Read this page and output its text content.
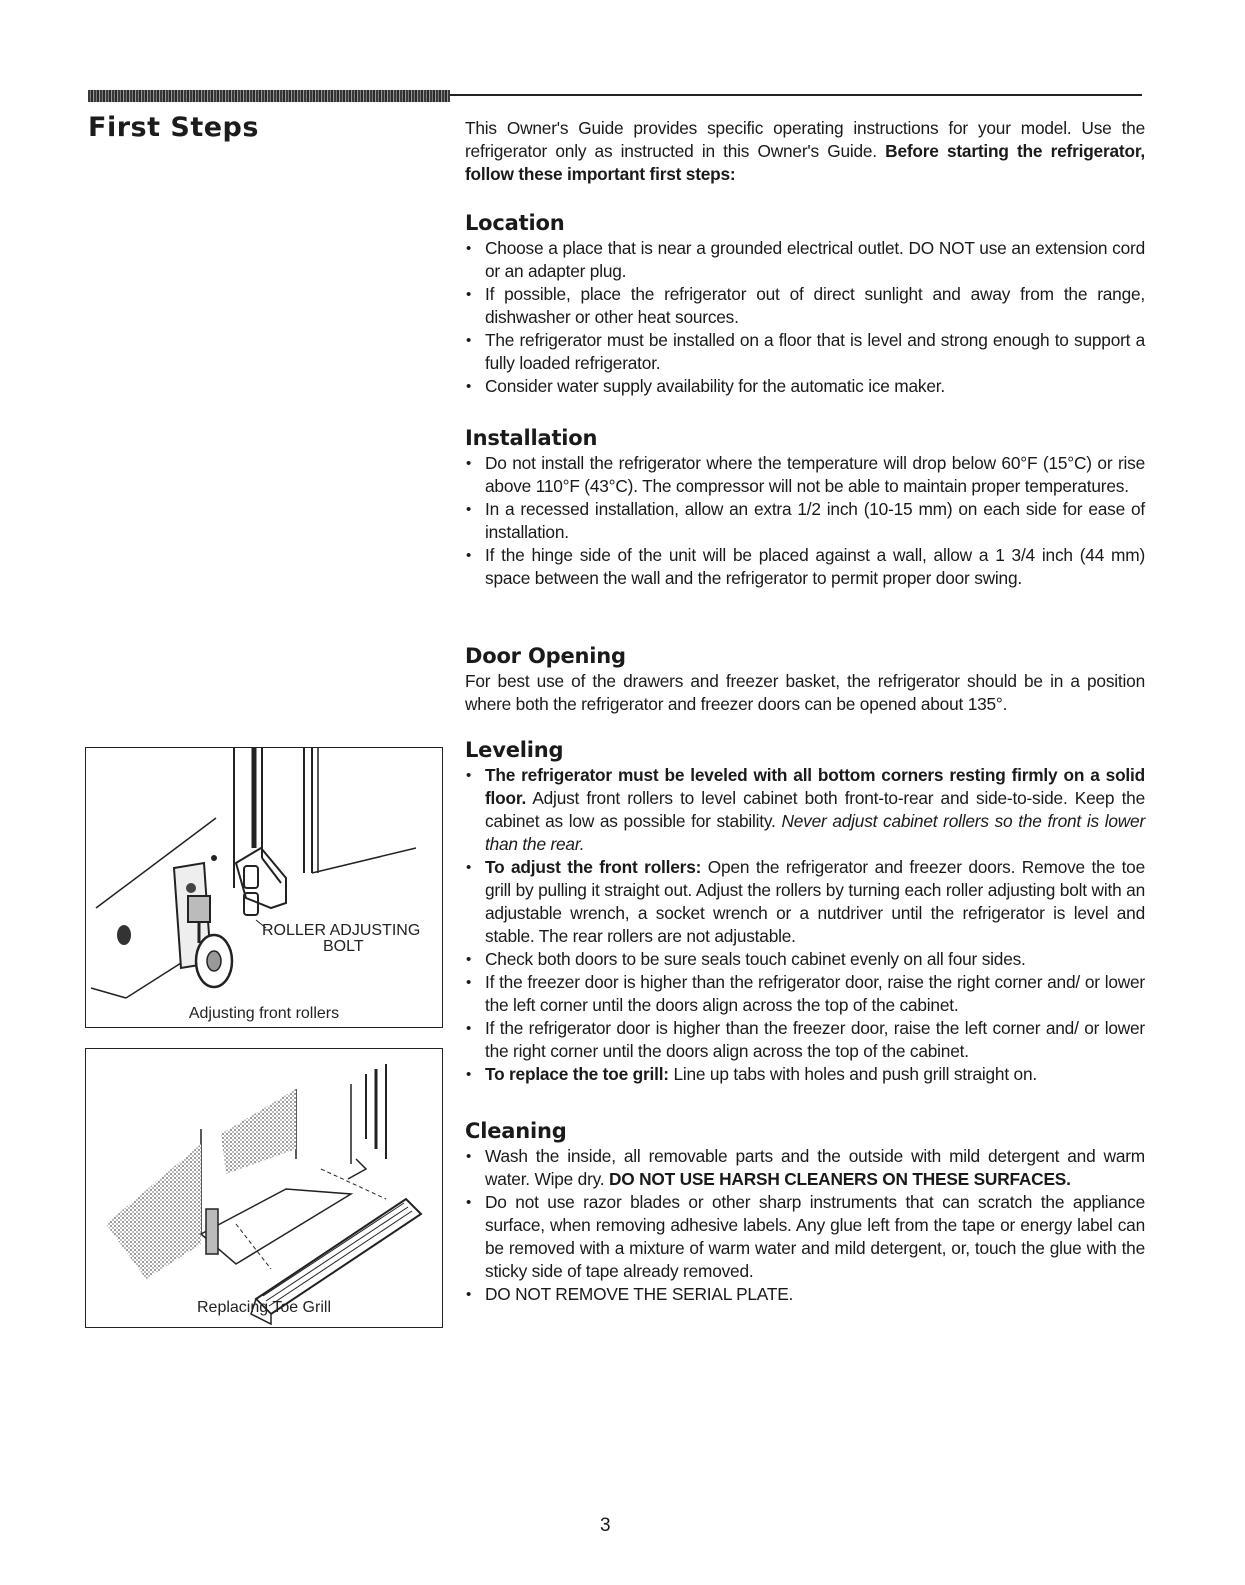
First Steps	This Owner's Guide provides specific operating instructions for your model. Use the refrigerator only as instructed in this Owner's Guide. Before starting the refrigerator, follow these important first steps:

Location
• Choose a place that is near a grounded electrical outlet. DO NOT use an extension cord or an adapter plug.
• If possible, place the refrigerator out of direct sunlight and away from the range, dishwasher or other heat sources.
• The refrigerator must be installed on a floor that is level and strong enough to support a fully loaded refrigerator.
• Consider water supply availability for the automatic ice maker.
Installation
• Do not install the refrigerator where the temperature will drop below 60°F (15°C) or rise above 110°F (43°C). The compressor will not be able to maintain proper temperatures.
• In a recessed installation, allow an extra 1/2 inch (10-15 mm) on each side for ease of installation.
• If the hinge side of the unit will be placed against a wall, allow a 1 3/4 inch (44 mm) space between the wall and the refrigerator to permit proper door swing.
Door Opening

For best use of the drawers and freezer basket, the refrigerator should be in a position where both the refrigerator and freezer doors can be opened about 135°.

Leveling
• The refrigerator must be leveled with all bottom corners resting firmly on a solid floor. Adjust front rollers to level cabinet both front-to-rear and side-to-side. Keep the cabinet as low as possible for stability. Never adjust cabinet rollers so the front is lower than the rear.
• To adjust the front rollers: Open the refrigerator and freezer doors. Remove the toe grill by pulling it straight out. Adjust the rollers by turning each roller adjusting bolt with an adjustable wrench, a socket wrench or a nutdriver until the refrigerator is level and stable. The rear rollers are not adjustable.
• Check both doors to be sure seals touch cabinet evenly on all four sides.
• If the freezer door is higher than the refrigerator door, raise the right corner and/ or lower the left corner until the doors align across the top of the cabinet.
• If the refrigerator door is higher than the freezer door, raise the left corner and/ or lower the right corner until the doors align across the top of the cabinet.
• To replace the toe grill: Line up tabs with holes and push grill straight on.
Cleaning
• Wash the inside, all removable parts and the outside with mild detergent and warm water. Wipe dry. DO NOT USE HARSH CLEANERS ON THESE SURFACES.
• Do not use razor blades or other sharp instruments that can scratch the appliance surface, when removing adhesive labels. Any glue left from the tape or energy label can be removed with a mixture of warm water and mild detergent, or, touch the glue with the sticky side of tape already removed.
• DO NOT REMOVE THE SERIAL PLATE.
ROLLER ADJUSTING
BOLT
Adjusting front rollers
Replacing Toe Grill
3
